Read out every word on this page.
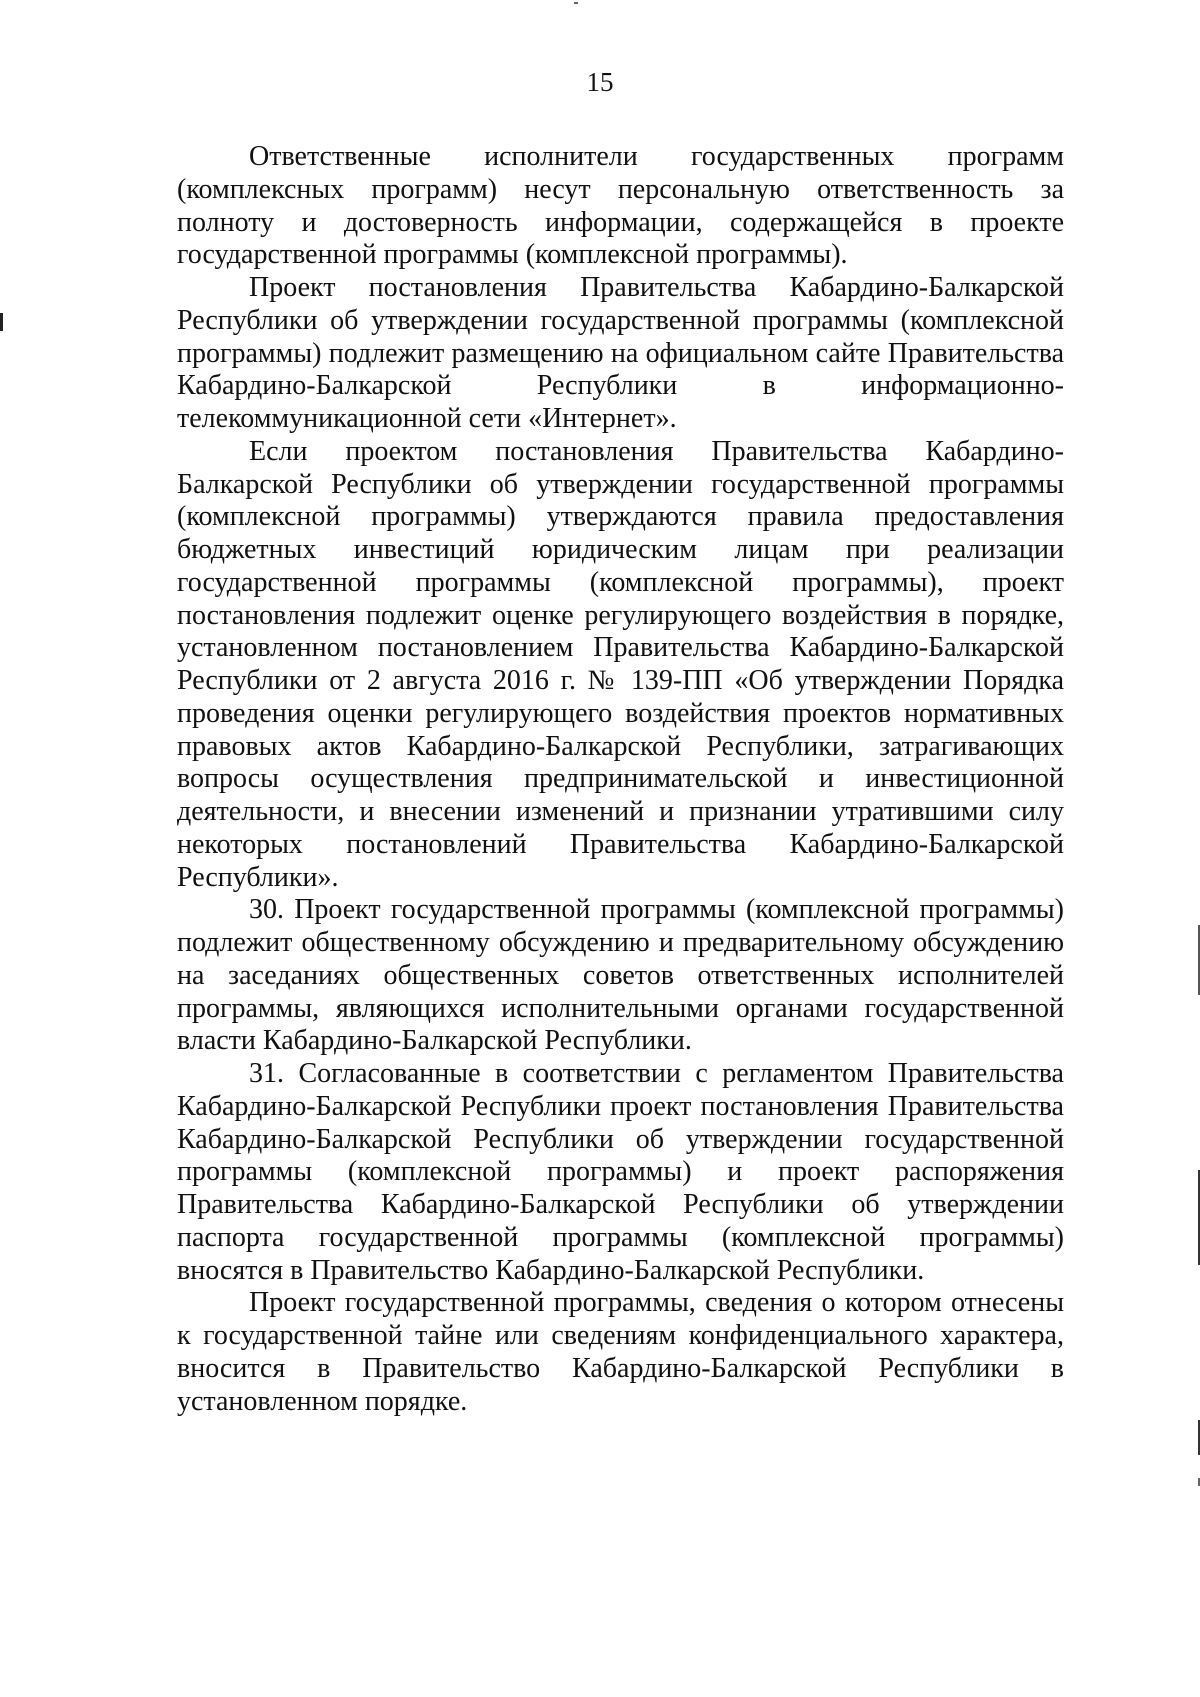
15

Ответственные исполнители государственных программ (комплексных программ) несут персональную ответственность за полноту и достоверность информации, содержащейся в проекте государственной программы (комплексной программы).

Проект постановления Правительства Кабардино-Балкарской Республики об утверждении государственной программы (комплексной программы) подлежит размещению на официальном сайте Правительства Кабардино-Балкарской Республики в информационно-телекоммуникационной сети «Интернет».

Если проектом постановления Правительства Кабардино-Балкарской Республики об утверждении государственной программы (комплексной программы) утверждаются правила предоставления бюджетных инвестиций юридическим лицам при реализации государственной программы (комплексной программы), проект постановления подлежит оценке регулирующего воздействия в порядке, установленном постановлением Правительства Кабардино-Балкарской Республики от 2 августа 2016 г. № 139-ПП «Об утверждении Порядка проведения оценки регулирующего воздействия проектов нормативных правовых актов Кабардино-Балкарской Республики, затрагивающих вопросы осуществления предпринимательской и инвестиционной деятельности, и внесении изменений и признании утратившими силу некоторых постановлений Правительства Кабардино-Балкарской Республики».

30. Проект государственной программы (комплексной программы) подлежит общественному обсуждению и предварительному обсуждению на заседаниях общественных советов ответственных исполнителей программы, являющихся исполнительными органами государственной власти Кабардино-Балкарской Республики.

31. Согласованные в соответствии с регламентом Правительства Кабардино-Балкарской Республики проект постановления Правительства Кабардино-Балкарской Республики об утверждении государственной программы (комплексной программы) и проект распоряжения Правительства Кабардино-Балкарской Республики об утверждении паспорта государственной программы (комплексной программы) вносятся в Правительство Кабардино-Балкарской Республики.

Проект государственной программы, сведения о котором отнесены к государственной тайне или сведениям конфиденциального характера, вносится в Правительство Кабардино-Балкарской Республики в установленном порядке.
